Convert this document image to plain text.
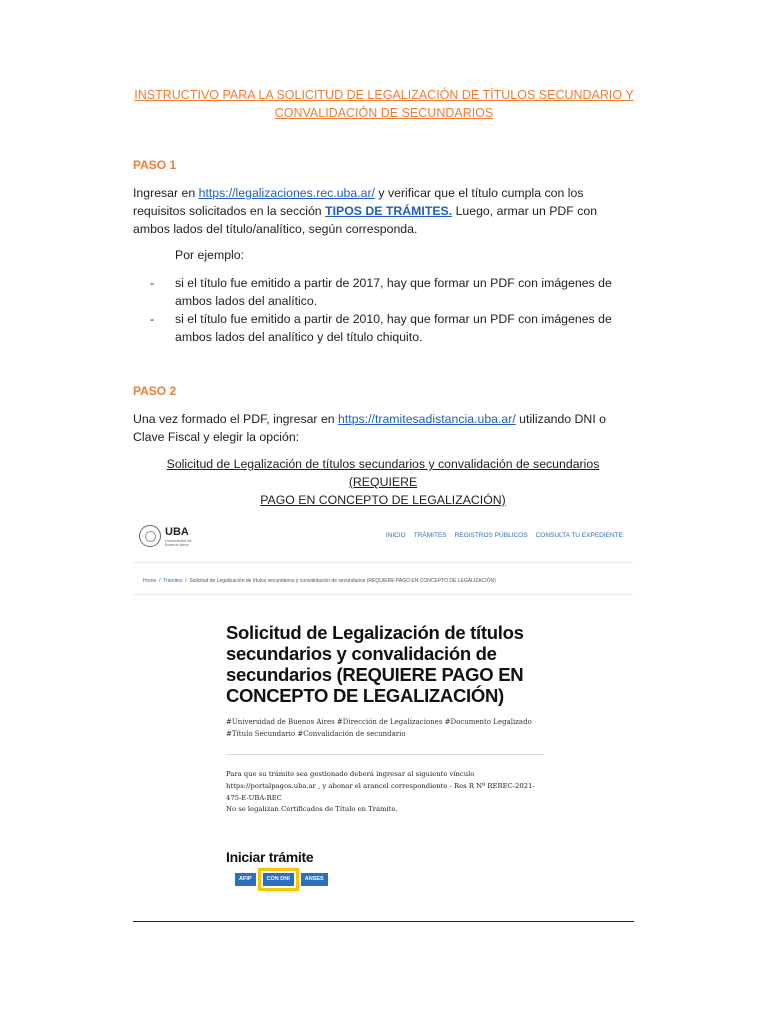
INSTRUCTIVO PARA LA SOLICITUD DE LEGALIZACIÓN DE TÍTULOS SECUNDARIO Y
CONVALIDACIÓN DE SECUNDARIOS
PASO 1
Ingresar en https://legalizaciones.rec.uba.ar/ y verificar que el título cumpla con los requisitos solicitados en la sección TIPOS DE TRÁMITES. Luego, armar un PDF con ambos lados del título/analítico, según corresponda.
Por ejemplo:
-	si el título fue emitido a partir de 2017, hay que formar un PDF con imágenes de ambos lados del analítico.
-	si el título fue emitido a partir de 2010, hay que formar un PDF con imágenes de ambos lados del analítico y del título chiquito.
PASO 2
Una vez formado el PDF, ingresar en https://tramitesadistancia.uba.ar/ utilizando DNI o Clave Fiscal y elegir la opción:
Solicitud de Legalización de títulos secundarios y convalidación de secundarios (REQUIERE
PAGO EN CONCEPTO DE LEGALIZACIÓN)
UBA
Universidad de Buenos Aires
INICIO TRÁMITES REGISTROS PÚBLICOS CONSULTA TU EXPEDIENTE
Home / Trámites / Solicitud de Legalización de títulos secundarios y convalidación de secundarios (REQUIERE PAGO EN CONCEPTO DE LEGALIZACIÓN)
Solicitud de Legalización de títulos secundarios y convalidación de secundarios (REQUIERE PAGO EN CONCEPTO DE LEGALIZACIÓN)
#Universidad de Buenos Aires #Dirección de Legalizaciones #Documento Legalizado #Título Secundario #Convalidación de secundario
Para que su trámite sea gestionado deberá ingresar al siguiente vínculo https://portalpagos.uba.ar , y abonar el arancel correspondiente - Res R Nº REREC-2021-475-E-UBA-REC
No se legalizan Certificados de Título en Trámite.
Iniciar trámite
AFIP	CON DNI	ANSES
